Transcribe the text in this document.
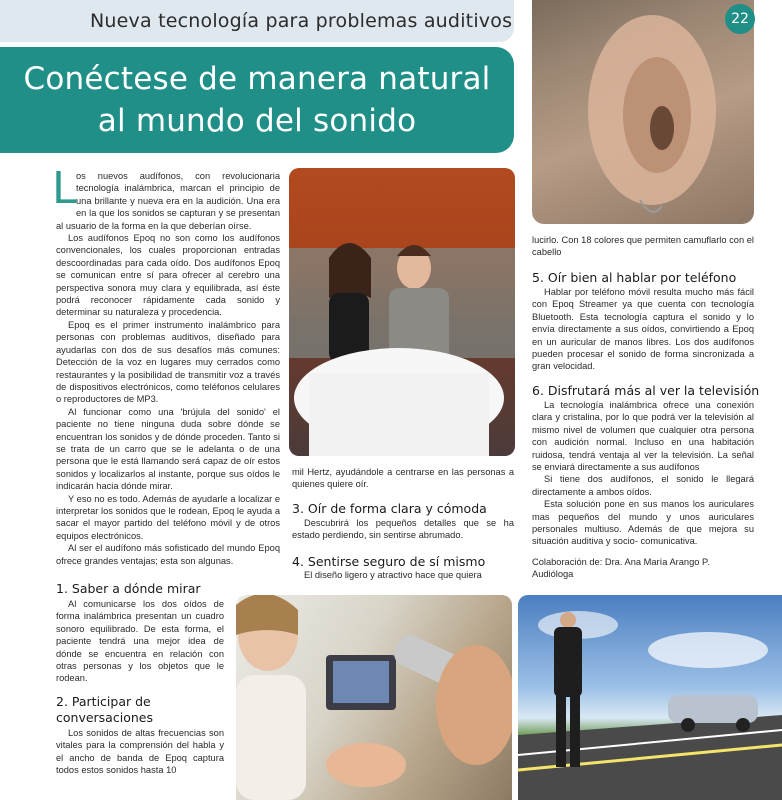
Nueva tecnología para problemas auditivos
Conéctese de manera natural
al mundo del sonido
22

Los nuevos audífonos, con revolucionaria tecnología inalámbrica, marcan el principio de una brillante y nueva era en la audición. Una era en la que los sonidos se capturan y se presentan al usuario de la forma en la que deberían oírse.

Los audífonos Epoq no son como los audífonos convencionales, los cuales proporcionan entradas descoordinadas para cada oído. Dos audífonos Epoq se comunican entre sí para ofrecer al cerebro una perspectiva sonora muy clara y equilibrada, así éste podrá reconocer rápidamente cada sonido y determinar su naturaleza y procedencia.

Epoq es el primer instrumento inalámbrico para personas con problemas auditivos, diseñado para ayudarlas con dos de sus desafíos más comunes: Detección de la voz en lugares muy cerrados como restaurantes y la posibilidad de transmitir voz a través de dispositivos electrónicos, como teléfonos celulares o reproductores de MP3.

Al funcionar como una 'brújula del sonido' el paciente no tiene ninguna duda sobre dónde se encuentran los sonidos y de dónde proceden. Tanto si se trata de un carro que se le adelanta o de una persona que le está llamando será capaz de oír estos sonidos y localizarlos al instante, porque sus oídos le indicarán hacia dónde mirar.

Y eso no es todo. Además de ayudarle a localizar e interpretar los sonidos que le rodean, Epoq le ayuda a sacar el mayor partido del teléfono móvil y de otros equipos electrónicos.

Al ser el audífono más sofisticado del mundo Epoq ofrece grandes ventajas; esta son algunas.

1. Saber a dónde mirar

Al comunicarse los dos oídos de forma inalámbrica presentan un cuadro sonoro equilibrado. De esta forma, el paciente tendrá una mejor idea de dónde se encuentra en relación con otras personas y los objetos que le rodean.

2. Participar de
conversaciones

Los sonidos de altas frecuencias son vitales para la comprensión del habla y el ancho de banda de Epoq captura todos estos sonidos hasta 10

mil Hertz, ayudándole a centrarse en las personas a quienes quiere oír.

3. Oír de forma clara y cómoda

Descubrirá los pequeños detalles que se ha estado perdiendo, sin sentirse abrumado.

4. Sentirse seguro de sí mismo

El diseño ligero y atractivo hace que quiera

lucirlo. Con 18 colores que permiten camuflarlo con el cabello

5. Oír bien al hablar por teléfono

Hablar por teléfono móvil resulta mucho más fácil con Epoq Streamer ya que cuenta con tecnología Bluetooth. Esta tecnología captura el sonido y lo envía directamente a sus oídos, convirtiendo a Epoq en un auricular de manos libres. Los dos audífonos pueden procesar el sonido de forma sincronizada a gran velocidad.

6. Disfrutará más al ver la televisión

La tecnología inalámbrica ofrece una conexión clara y cristalina, por lo que podrá ver la televisión al mismo nivel de volumen que cualquier otra persona con audición normal. Incluso en una habitación ruidosa, tendrá ventaja al ver la televisión. La señal se enviará directamente a sus audífonos

Si tiene dos audífonos, el sonido le llegará directamente a ambos oídos.

Esta solución pone en sus manos los auriculares mas pequeños del mundo y unos auriculares personales multiuso. Además de que mejora su situación auditiva y socio- comunicativa.

Colaboración de: Dra. Ana María Arango P.
Audióloga
